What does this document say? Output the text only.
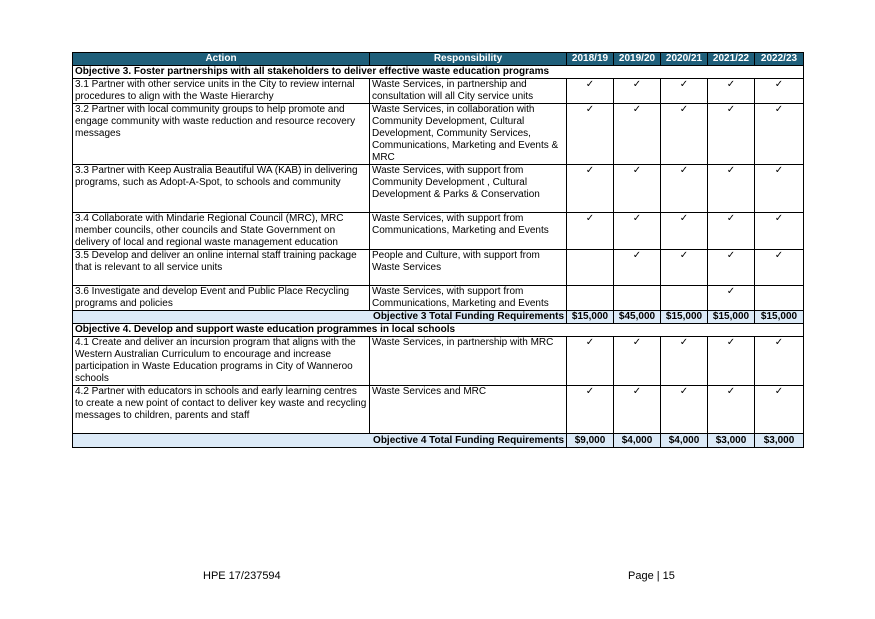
Action	Responsibility	2018/19	2019/20	2020/21	2021/22	2022/23
Objective 3. Foster partnerships with all stakeholders to deliver effective waste education programs						
3.1 Partner with other service units in the City to review internal procedures to align with the Waste Hierarchy	Waste Services, in partnership and consultation will all City service units	✓	✓	✓	✓	✓
3.2 Partner with local community groups to help promote and engage community with waste reduction and resource recovery messages	Waste Services, in collaboration with Community Development, Cultural Development, Community Services, Communications, Marketing and Events & MRC	✓	✓	✓	✓	✓
3.3 Partner with Keep Australia Beautiful WA (KAB) in delivering programs, such as Adopt-A-Spot, to schools and community	Waste Services, with support from Community Development , Cultural Development & Parks & Conservation	✓	✓	✓	✓	✓
3.4 Collaborate with Mindarie Regional Council (MRC), MRC member councils, other councils and State Government on delivery of local and regional waste management education	Waste Services, with support from Communications, Marketing and Events	✓	✓	✓	✓	✓
3.5 Develop and deliver an online internal staff training package that is relevant to all service units	People and Culture, with support from Waste Services		✓	✓	✓	✓
3.6 Investigate and develop Event and Public Place Recycling programs and policies	Waste Services, with support from Communications, Marketing and Events				✓	
Objective 3 Total Funding Requirements		$15,000	$45,000	$15,000	$15,000	$15,000
Objective 4. Develop and support waste education programmes in local schools						
4.1 Create and deliver an incursion program that aligns with the Western Australian Curriculum to encourage and increase participation in Waste Education programs in City of Wanneroo schools	Waste Services, in partnership with MRC	✓	✓	✓	✓	✓
4.2 Partner with educators in schools and early learning centres to create a new point of contact to deliver key waste and recycling messages to children, parents and staff	Waste Services and MRC	✓	✓	✓	✓	✓
Objective 4 Total Funding Requirements		$9,000	$4,000	$4,000	$3,000	$3,000
HPE 17/237594	Page | 15
